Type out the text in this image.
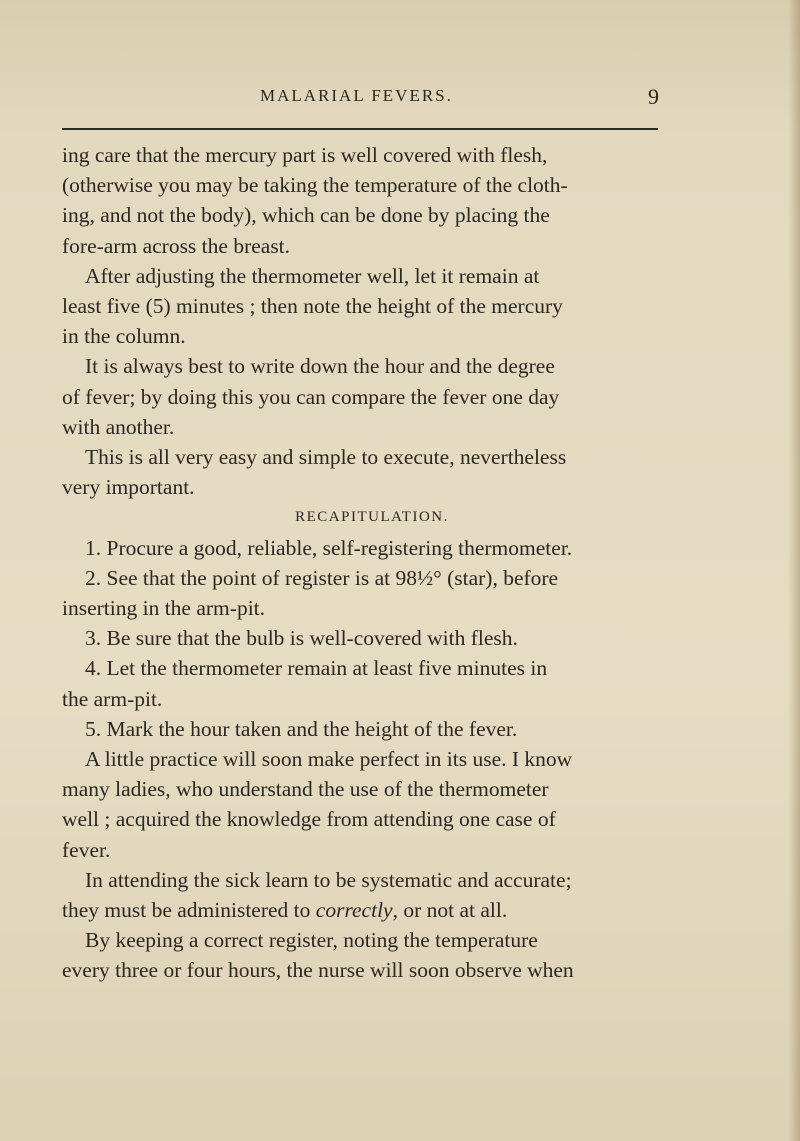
MALARIAL FEVERS.	9
ing care that the mercury part is well covered with flesh,
(otherwise you may be taking the temperature of the cloth-
ing, and not the body), which can be done by placing the
fore-arm across the breast.
After adjusting the thermometer well, let it remain at
least five (5) minutes ; then note the height of the mercury
in the column.
It is always best to write down the hour and the degree
of fever; by doing this you can compare the fever one day
with another.
This is all very easy and simple to execute, nevertheless
very important.

RECAPITULATION.

1. Procure a good, reliable, self-registering thermometer.
2. See that the point of register is at 98½° (star), before
inserting in the arm-pit.
3. Be sure that the bulb is well-covered with flesh.
4. Let the thermometer remain at least five minutes in
the arm-pit.
5. Mark the hour taken and the height of the fever.
A little practice will soon make perfect in its use. I know
many ladies, who understand the use of the thermometer
well ; acquired the knowledge from attending one case of
fever.
In attending the sick learn to be systematic and accurate;
they must be administered to correctly, or not at all.
By keeping a correct register, noting the temperature
every three or four hours, the nurse will soon observe when
